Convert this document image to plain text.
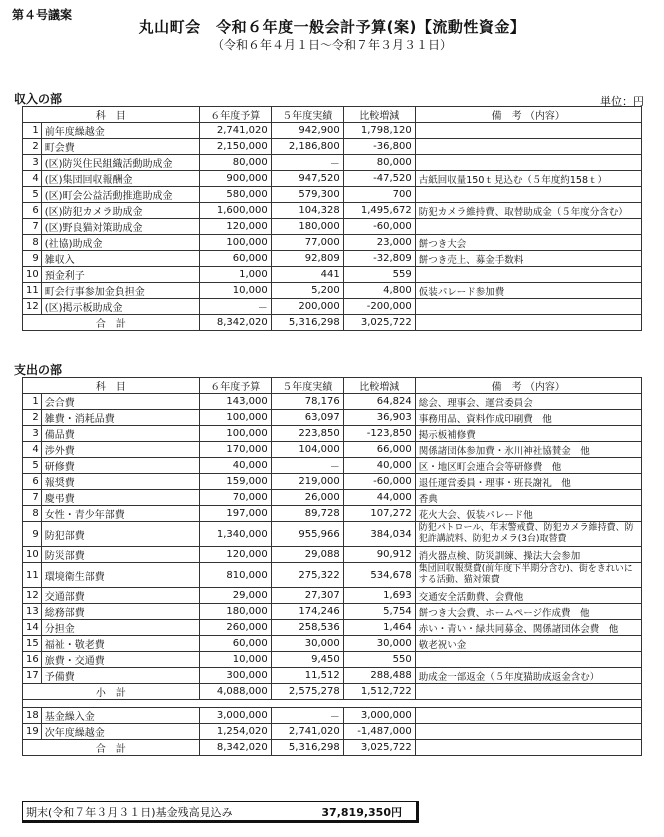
第４号議案
丸山町会　令和６年度一般会計予算(案)【流動性資金】
（令和６年４月１日～令和７年３月３１日）
収入の部	単位：円
科　目		６年度予算	５年度実績	比較増減	備　考 （内容）
1	前年度繰越金	2,741,020	942,900	1,798,120	
2	町会費	2,150,000	2,186,800	-36,800	
3	(区)防災住民組織活動助成金	80,000	－	80,000	
4	(区)集団回収報酬金	900,000	947,520	-47,520	古紙回収量150ｔ見込む（５年度約158ｔ）
5	(区)町会公益活動推進助成金	580,000	579,300	700	
6	(区)防犯カメラ助成金	1,600,000	104,328	1,495,672	防犯カメラ維持費、取替助成金（５年度分含む）
7	(区)野良猫対策助成金	120,000	180,000	-60,000	
8	(社協)助成金	100,000	77,000	23,000	餅つき大会
9	雑収入	60,000	92,809	-32,809	餅つき売上、募金手数料
10	預金利子	1,000	441	559	
11	町会行事参加金負担金	10,000	5,200	4,800	仮装パレード参加費
12	(区)掲示板助成金	－	200,000	-200,000	
合　計		8,342,020	5,316,298	3,025,722	
支出の部
科　目		６年度予算	５年度実績	比較増減	備　考 （内容）
1	会合費	143,000	78,176	64,824	総会、理事会、運営委員会
2	雑費・消耗品費	100,000	63,097	36,903	事務用品、資料作成印刷費　他
3	備品費	100,000	223,850	-123,850	掲示板補修費
4	渉外費	170,000	104,000	66,000	関係諸団体参加費・氷川神社協賛金　他
5	研修費	40,000	－	40,000	区・地区町会連合会等研修費　他
6	報奨費	159,000	219,000	-60,000	退任運営委員・理事・班長謝礼　他
7	慶弔費	70,000	26,000	44,000	香典
8	女性・青少年部費	197,000	89,728	107,272	花火大会、仮装パレード他
9	防犯部費	1,340,000	955,966	384,034	防犯パトロール、年末警戒費、防犯カメラ維持費、防犯詐講読料、防犯カメラ(3台)取替費
10	防災部費	120,000	29,088	90,912	消火器点検、防災訓練、操法大会参加
11	環境衛生部費	810,000	275,322	534,678	集団回収報奨費(前年度下半期分含む)、街をきれいにする活動、猫対策費
12	交通部費	29,000	27,307	1,693	交通安全活動費、会費他
13	総務部費	180,000	174,246	5,754	餅つき大会費、ホームページ作成費　他
14	分担金	260,000	258,536	1,464	赤い・青い・緑共同募金、関係諸団体会費　他
15	福祉・敬老費	60,000	30,000	30,000	敬老祝い金
16	旅費・交通費	10,000	9,450	550	
17	予備費	300,000	11,512	288,488	助成金一部返金（５年度猫助成返金含む）
小　計		4,088,000	2,575,278	1,512,722	

18	基金繰入金	3,000,000	－	3,000,000	
19	次年度繰越金	1,254,020	2,741,020	-1,487,000	
合　計		8,342,020	5,316,298	3,025,722	
期末(令和７年３月３１日)基金残高見込み	37,819,350円
